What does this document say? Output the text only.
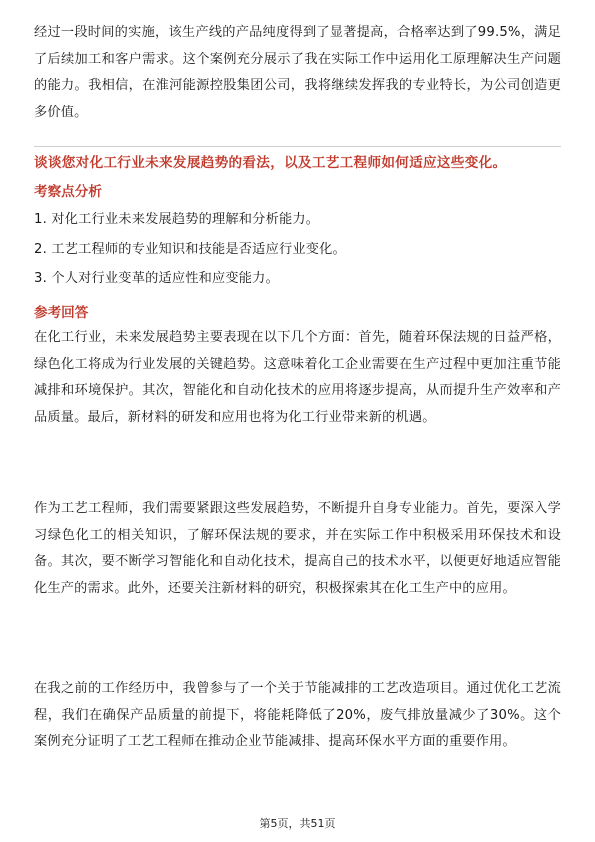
经过一段时间的实施，该生产线的产品纯度得到了显著提高，合格率达到了99.5%，满足了后续加工和客户需求。这个案例充分展示了我在实际工作中运用化工原理解决生产问题的能力。我相信，在淮河能源控股集团公司，我将继续发挥我的专业特长，为公司创造更多价值。
谈谈您对化工行业未来发展趋势的看法，以及工艺工程师如何适应这些变化。
考察点分析
1. 对化工行业未来发展趋势的理解和分析能力。
2. 工艺工程师的专业知识和技能是否适应行业变化。
3. 个人对行业变革的适应性和应变能力。
参考回答
在化工行业，未来发展趋势主要表现在以下几个方面：首先，随着环保法规的日益严格，绿色化工将成为行业发展的关键趋势。这意味着化工企业需要在生产过程中更加注重节能减排和环境保护。其次，智能化和自动化技术的应用将逐步提高，从而提升生产效率和产品质量。最后，新材料的研发和应用也将为化工行业带来新的机遇。
作为工艺工程师，我们需要紧跟这些发展趋势，不断提升自身专业能力。首先，要深入学习绿色化工的相关知识，了解环保法规的要求，并在实际工作中积极采用环保技术和设备。其次，要不断学习智能化和自动化技术，提高自己的技术水平，以便更好地适应智能化生产的需求。此外，还要关注新材料的研究，积极探索其在化工生产中的应用。
在我之前的工作经历中，我曾参与了一个关于节能减排的工艺改造项目。通过优化工艺流程，我们在确保产品质量的前提下，将能耗降低了20%，废气排放量减少了30%。这个案例充分证明了工艺工程师在推动企业节能减排、提高环保水平方面的重要作用。
第5页，共51页
